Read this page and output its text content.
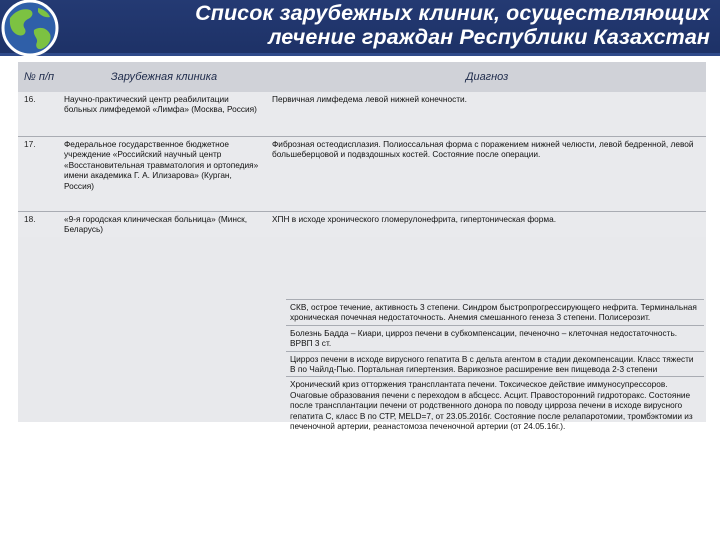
Список зарубежных клиник, осуществляющих
лечение граждан Республики Казахстан
№ п/п	Зарубежная клиника	Диагноз
16.	Научно-практический центр реабилитации больных лимфедемой «Лимфа» (Москва, Россия)	Первичная лимфедема левой нижней конечности.
17.	Федеральное государственное бюджетное учреждение «Российский научный центр «Восстановительная травматология и ортопедия» имени академика Г. А. Илизарова» (Курган, Россия)	Фиброзная остеодисплазия. Полиоссальная форма с поражением нижней челюсти, левой бедренной, левой большеберцовой и подвздошных костей. Состояние после операции.
18.	«9-я городская клиническая больница» (Минск, Беларусь)	ХПН в исходе хронического гломерулонефрита, гипертоническая форма.
СКВ, острое течение, активность 3 степени. Синдром быстропрогрессирующего нефрита. Терминальная хроническая почечная недостаточность. Анемия смешанного генеза 3 степени. Полисерозит.
Болезнь Бадда – Киари, цирроз печени в субкомпенсации, печеночно – клеточная недостаточность. ВРВП 3 ст.
Цирроз печени в исходе вирусного гепатита В с дельта агентом в стадии декомпенсации. Класс тяжести В по Чайлд-Пью. Портальная гипертензия. Варикозное расширение вен пищевода 2-3 степени
Хронический криз отторжения трансплантата печени. Токсическое действие иммуносупрессоров. Очаговые образования печени с переходом в абсцесс. Асцит. Правосторонний гидроторакс. Состояние после трансплантации печени от родственного донора по поводу цирроза печени в исходе вирусного гепатита С, класс В по СТР, MELD=7, от 23.05.2016г. Состояние после релапаротомии, тромбэктомии из печеночной артерии, реанастомоза печеночной артерии (от 24.05.16г.).
